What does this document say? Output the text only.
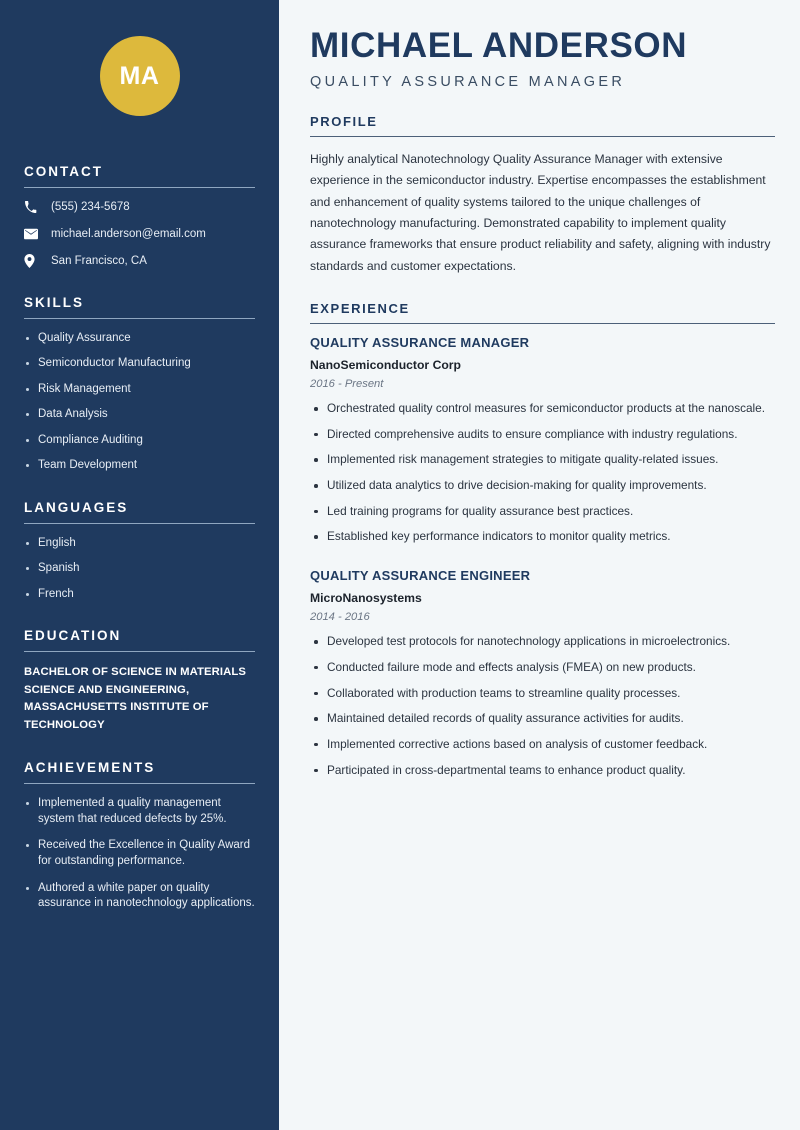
MA
CONTACT
(555) 234-5678
michael.anderson@email.com
San Francisco, CA
SKILLS
Quality Assurance
Semiconductor Manufacturing
Risk Management
Data Analysis
Compliance Auditing
Team Development
LANGUAGES
English
Spanish
French
EDUCATION
BACHELOR OF SCIENCE IN MATERIALS SCIENCE AND ENGINEERING, MASSACHUSETTS INSTITUTE OF TECHNOLOGY
ACHIEVEMENTS
Implemented a quality management system that reduced defects by 25%.
Received the Excellence in Quality Award for outstanding performance.
Authored a white paper on quality assurance in nanotechnology applications.
MICHAEL ANDERSON
QUALITY ASSURANCE MANAGER
PROFILE

Highly analytical Nanotechnology Quality Assurance Manager with extensive experience in the semiconductor industry. Expertise encompasses the establishment and enhancement of quality systems tailored to the unique challenges of nanotechnology manufacturing. Demonstrated capability to implement quality assurance frameworks that ensure product reliability and safety, aligning with industry standards and customer expectations.

EXPERIENCE
QUALITY ASSURANCE MANAGER
NanoSemiconductor Corp
2016 - Present
Orchestrated quality control measures for semiconductor products at the nanoscale.
Directed comprehensive audits to ensure compliance with industry regulations.
Implemented risk management strategies to mitigate quality-related issues.
Utilized data analytics to drive decision-making for quality improvements.
Led training programs for quality assurance best practices.
Established key performance indicators to monitor quality metrics.
QUALITY ASSURANCE ENGINEER
MicroNanosystems
2014 - 2016
Developed test protocols for nanotechnology applications in microelectronics.
Conducted failure mode and effects analysis (FMEA) on new products.
Collaborated with production teams to streamline quality processes.
Maintained detailed records of quality assurance activities for audits.
Implemented corrective actions based on analysis of customer feedback.
Participated in cross-departmental teams to enhance product quality.
